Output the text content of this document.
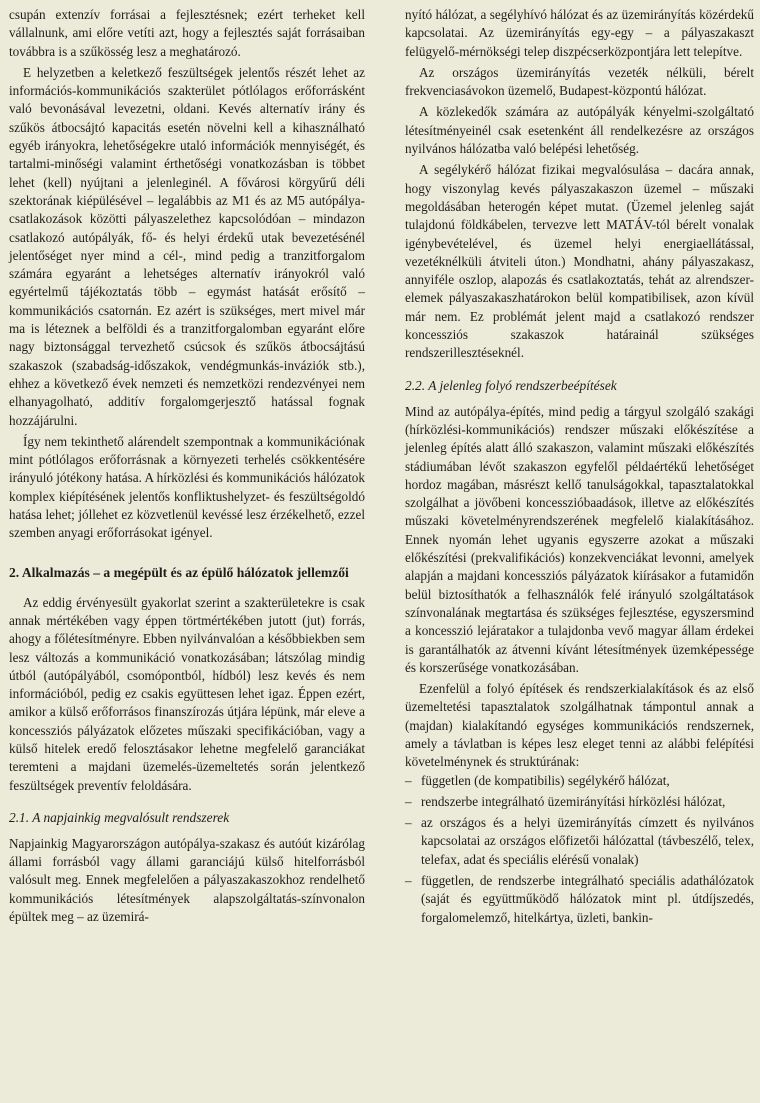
csupán extenzív forrásai a fejlesztésnek; ezért terheket kell vállalnunk, ami előre vetíti azt, hogy a fejlesztés saját forrásaiban továbbra is a szűkösség lesz a meghatározó.

E helyzetben a keletkező feszültségek jelentős részét lehet az információs-kommunikációs szakterület pótlólagos erőforrásként való bevonásával levezetni, oldani. Kevés alternatív irány és szűkös átbocsájtó kapacitás esetén növelni kell a kihasználható egyéb irányokra, lehetőségekre utaló információk mennyiségét, és tartalmi-minőségi valamint érthetőségi vonatkozásban is többet lehet (kell) nyújtani a jelenleginél. A fővárosi körgyűrű déli szektorának kiépülésével – legalábbis az M1 és az M5 autópálya-csatlakozások közötti pályaszelethez kapcsolódóan – mindazon csatlakozó autópályák, fő- és helyi érdekű utak bevezetésénél jelentőséget nyer mind a cél-, mind pedig a tranzitforgalom számára egyaránt a lehetséges alternatív irányokról való egyértelmű tájékoztatás több – egymást hatását erősítő – kommunikációs csatornán. Ez azért is szükséges, mert mivel már ma is léteznek a belföldi és a tranzitforgalomban egyaránt előre nagy biztonsággal tervezhető csúcsok és szűkös átbocsájtású szakaszok (szabadság-időszakok, vendégmunkás-inváziók stb.), ehhez a következő évek nemzeti és nemzetközi rendezvényei nem elhanyagolható, additív forgalomgerjesztő hatással fognak hozzájárulni.

Így nem tekinthető alárendelt szempontnak a kommunikációnak mint pótlólagos erőforrásnak a környezeti terhelés csökkentésére irányuló jótékony hatása. A hírközlési és kommunikációs hálózatok komplex kiépítésének jelentős konfliktushelyzet- és feszültségoldó hatása lehet; jóllehet ez közvetlenül kevéssé lesz érzékelhető, ezzel szemben anyagi erőforrásokat igényel.

2. Alkalmazás – a megépült és az épülő hálózatok jellemzői

Az eddig érvényesült gyakorlat szerint a szakterületekre is csak annak mértékében vagy éppen törtmértékében jutott (jut) forrás, ahogy a főlétesítményre. Ebben nyilvánvalóan a későbbiekben sem lesz változás a kommunikáció vonatkozásában; látszólag mindig útból (autópályából, csomópontból, hídból) lesz kevés és nem információból, pedig ez csakis együttesen lehet igaz. Éppen ezért, amikor a külső erőforrásos finanszírozás útjára lépünk, már eleve a koncessziós pályázatok előzetes műszaki specifikációban, vagy a külső hitelek eredő felosztásakor lehetne megfelelő garanciákat teremteni a majdani üzemelés-üzemeltetés során jelentkező feszültségek preventív feloldására.

2.1. A napjainkig megvalósult rendszerek

Napjainkig Magyarországon autópálya-szakasz és autóút kizárólag állami forrásból vagy állami garanciájú külső hitelforrásból valósult meg. Ennek megfelelően a pályaszakaszokhoz rendelhető kommunikációs létesítmények alapszolgáltatás-színvonalon épültek meg – az üzemirá-

nyító hálózat, a segélyhívó hálózat és az üzemirányítás közérdekű kapcsolatai. Az üzemirányítás egy-egy – a pályaszakaszt felügyelő-mérnökségi telep diszpécserközpontjára lett telepítve.

Az országos üzemirányítás vezeték nélküli, bérelt frekvenciasávokon üzemelő, Budapest-központú hálózat.

A közlekedők számára az autópályák kényelmi-szolgáltató létesítményeinél csak esetenként áll rendelkezésre az országos nyilvános hálózatba való belépési lehetőség.

A segélykérő hálózat fizikai megvalósulása – dacára annak, hogy viszonylag kevés pályaszakaszon üzemel – műszaki megoldásában heterogén képet mutat. (Üzemel jelenleg saját tulajdonú földkábelen, tervezve lett MATÁV-tól bérelt vonalak igénybevételével, és üzemel helyi energiaellátással, vezetéknélküli átviteli úton.) Mondhatni, ahány pályaszakasz, annyiféle oszlop, alapozás és csatlakoztatás, tehát az alrendszer-elemek pályaszakaszhatárokon belül kompatibilisek, azon kívül már nem. Ez problémát jelent majd a csatlakozó rendszer koncessziós szakaszok határainál szükséges rendszerillesztéseknél.

2.2. A jelenleg folyó rendszerbeépítések

Mind az autópálya-építés, mind pedig a tárgyul szolgáló szakági (hírközlési-kommunikációs) rendszer műszaki előkészítése a jelenleg építés alatt álló szakaszon, valamint műszaki előkészítés stádiumában lévőt szakaszon egyfelől példaértékű lehetőséget hordoz magában, másrészt kellő tanulságokkal, tapasztalatokkal szolgálhat a jövőbeni koncesszióbaadások, illetve az előkészítés műszaki követelményrendszerének megfelelő kialakításához. Ennek nyomán lehet ugyanis egyszerre azokat a műszaki előkészítési (prekvalifikációs) konzekvenciákat levonni, amelyek alapján a majdani koncessziós pályázatok kiírásakor a futamidőn belül biztosíthatók a felhasználók felé irányuló szolgáltatások színvonalának megtartása és szükséges fejlesztése, egyszersmind a koncesszió lejáratakor a tulajdonba vevő magyar állam érdekei is garantálhatók az átvenni kívánt létesítmények üzemképessége és korszerűsége vonatkozásában.

Ezenfelül a folyó építések és rendszerkialakítások és az első üzemeltetési tapasztalatok szolgálhatnak támpontul annak a (majdan) kialakítandó egységes kommunikációs rendszernek, amely a távlatban is képes lesz eleget tenni az alábbi felépítési követelménynek és struktúrának:

– független (de kompatibilis) segélykérő hálózat,
– rendszerbe integrálható üzemirányítási hírközlési hálózat,
– az országos és a helyi üzemirányítás címzett és nyilvános kapcsolatai az országos előfizetői hálózattal (távbeszélő, telex, telefax, adat és speciális elérésű vonalak)
– független, de rendszerbe integrálható speciális adathálózatok (saját és együttműködő hálózatok mint pl. útdíjszedés, forgalomelemző, hitelkártya, üzleti, bankin-
